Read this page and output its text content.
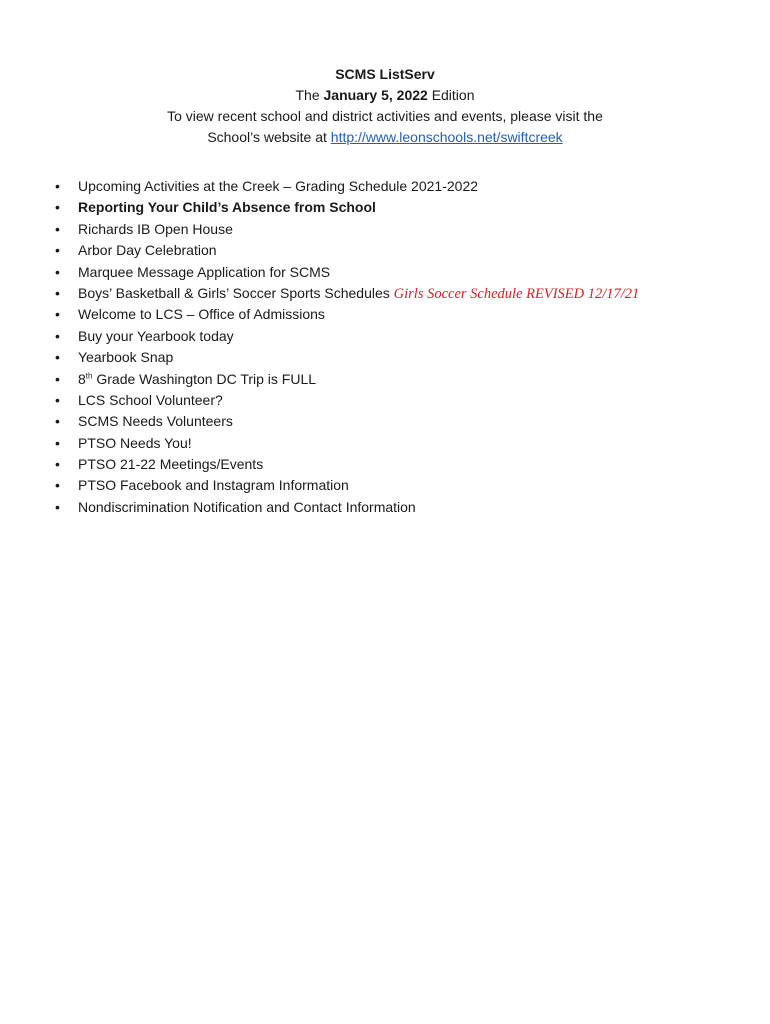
SCMS ListServ
The January 5, 2022 Edition
To view recent school and district activities and events, please visit the
School’s website at http://www.leonschools.net/swiftcreek
• Upcoming Activities at the Creek – Grading Schedule 2021-2022
• Reporting Your Child’s Absence from School
• Richards IB Open House
• Arbor Day Celebration
• Marquee Message Application for SCMS
• Boys’ Basketball & Girls’ Soccer Sports Schedules Girls Soccer Schedule REVISED 12/17/21
• Welcome to LCS – Office of Admissions
• Buy your Yearbook today
• Yearbook Snap
• 8th Grade Washington DC Trip is FULL
• LCS School Volunteer?
• SCMS Needs Volunteers
• PTSO Needs You!
• PTSO 21-22 Meetings/Events
• PTSO Facebook and Instagram Information
• Nondiscrimination Notification and Contact Information
